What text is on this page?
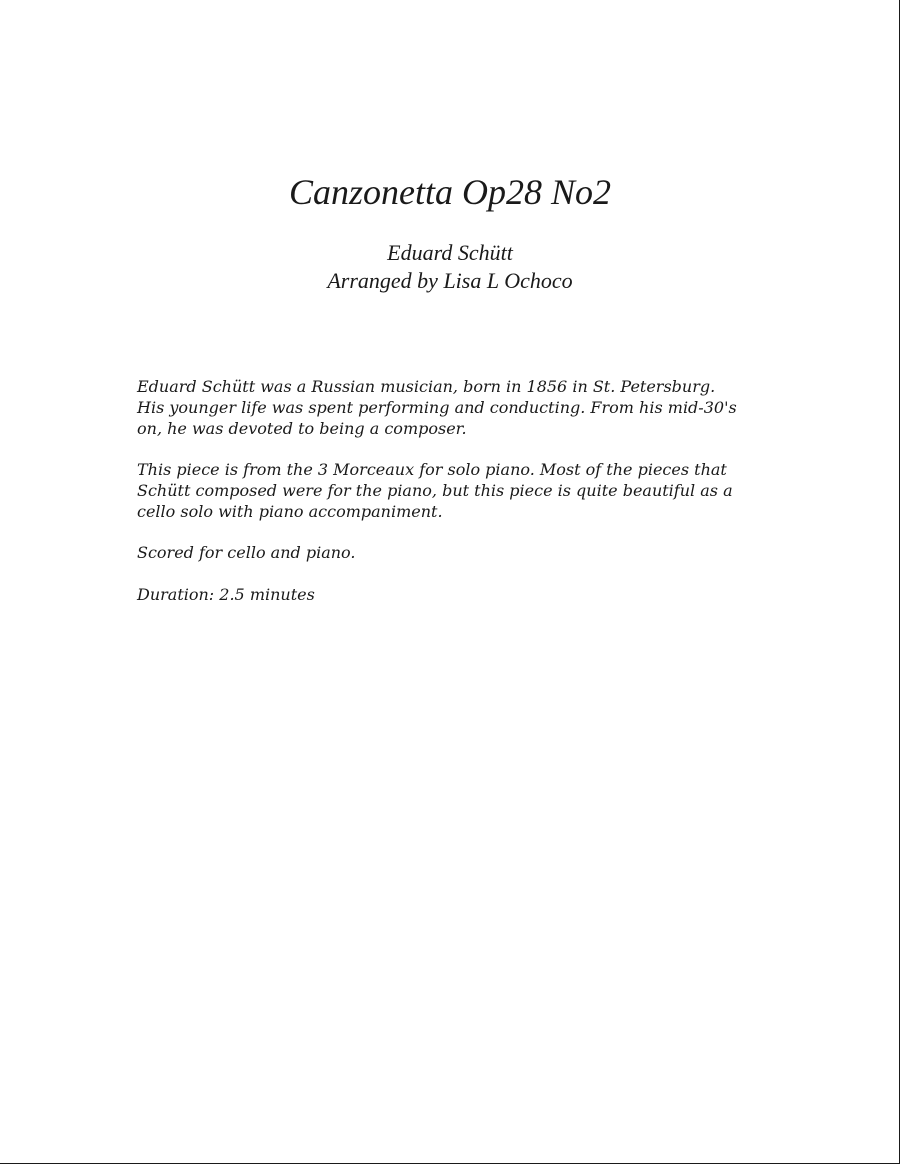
Canzonetta Op28 No2

Eduard Schütt

Arranged by Lisa L Ochoco

Eduard Schütt was a Russian musician, born in 1856 in St. Petersburg.
His younger life was spent performing and conducting. From his mid-30's
on, he was devoted to being a composer.

This piece is from the 3 Morceaux for solo piano. Most of the pieces that
Schütt composed were for the piano, but this piece is quite beautiful as a
cello solo with piano accompaniment.

Scored for cello and piano.

Duration: 2.5 minutes
